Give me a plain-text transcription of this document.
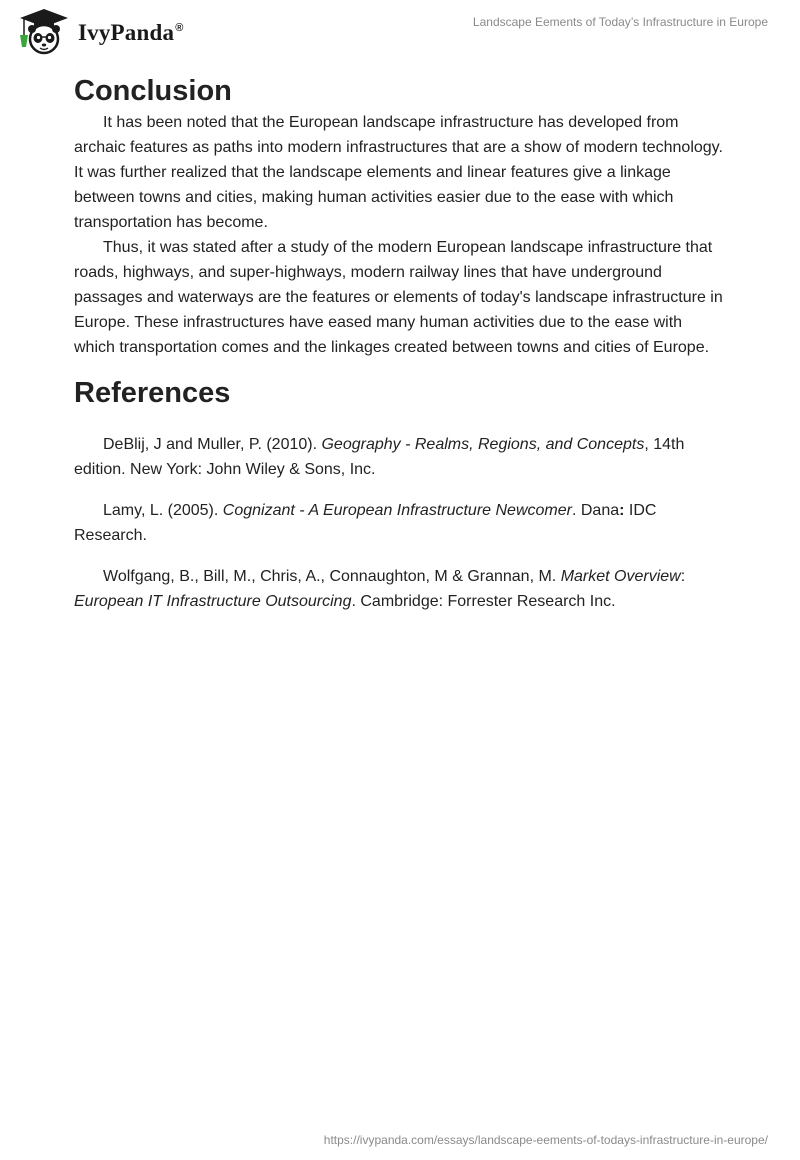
IvyPanda®	Landscape Eements of Today’s Infrastructure in Europe
Conclusion

It has been noted that the European landscape infrastructure has developed from archaic features as paths into modern infrastructures that are a show of modern technology. It was further realized that the landscape elements and linear features give a linkage between towns and cities, making human activities easier due to the ease with which transportation has become.

Thus, it was stated after a study of the modern European landscape infrastructure that roads, highways, and super-highways, modern railway lines that have underground passages and waterways are the features or elements of today's landscape infrastructure in Europe. These infrastructures have eased many human activities due to the ease with which transportation comes and the linkages created between towns and cities of Europe.

References

DeBlij, J and Muller, P. (2010). Geography - Realms, Regions, and Concepts, 14th edition. New York: John Wiley & Sons, Inc.

Lamy, L. (2005). Cognizant - A European Infrastructure Newcomer. Dana: IDC Research.

Wolfgang, B., Bill, M., Chris, A., Connaughton, M & Grannan, M. Market Overview: European IT Infrastructure Outsourcing. Cambridge: Forrester Research Inc.

https://ivypanda.com/essays/landscape-eements-of-todays-infrastructure-in-europe/
